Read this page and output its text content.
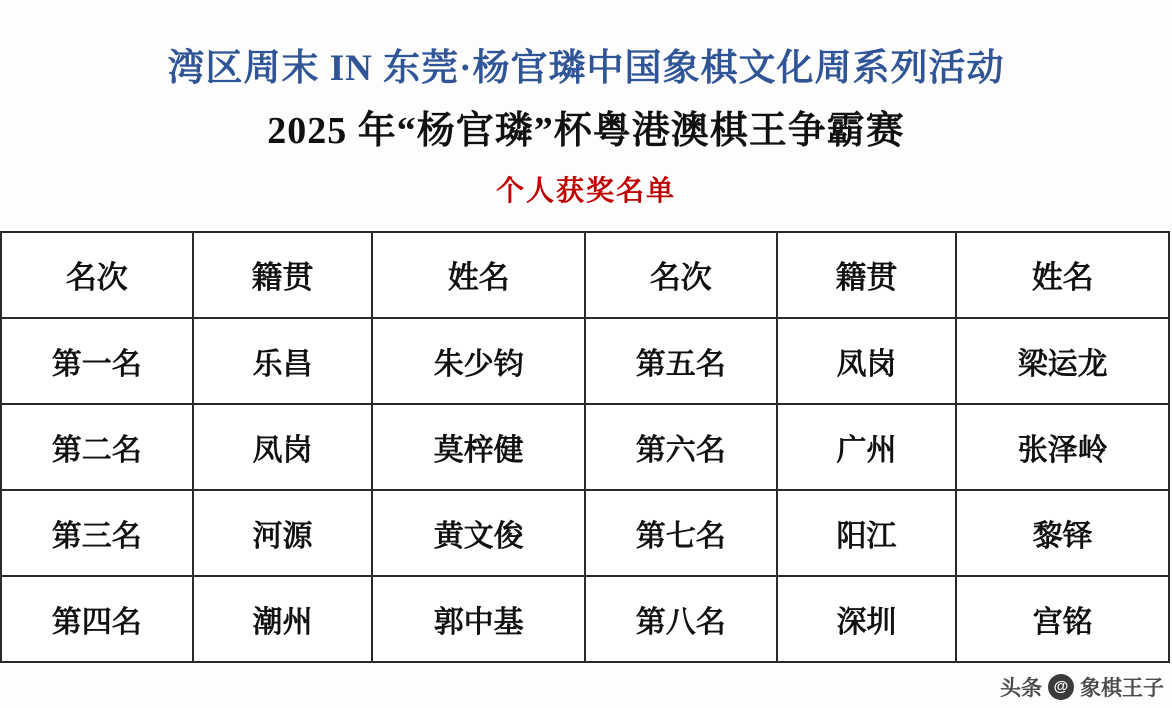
湾区周末 IN 东莞·杨官璘中国象棋文化周系列活动
2025 年“杨官璘”杯粤港澳棋王争霸赛
个人获奖名单
名次	籍贯	姓名	名次	籍贯	姓名
第一名	乐昌	朱少钧	第五名	凤岗	梁运龙
第二名	凤岗	莫梓健	第六名	广州	张泽岭
第三名	河源	黄文俊	第七名	阳江	黎铎
第四名	潮州	郭中基	第八名	深圳	宫铭
头条 @ 象棋王子
